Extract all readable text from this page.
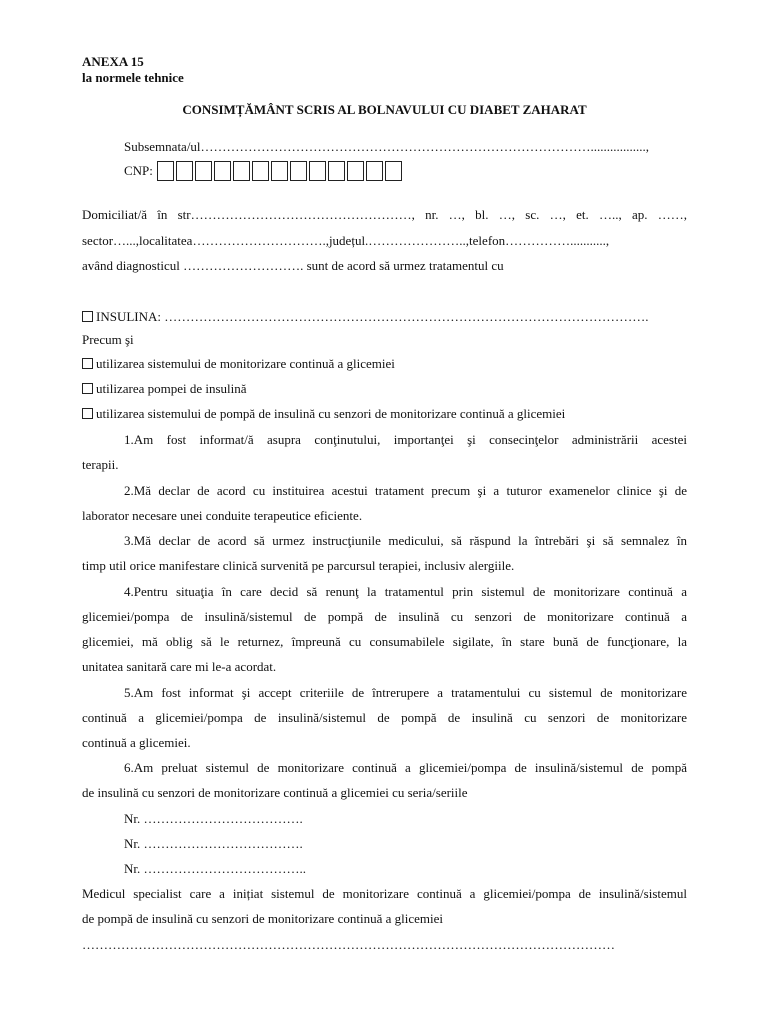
ANEXA 15
la normele tehnice
CONSIMȚĂMÂNT SCRIS AL BOLNAVULUI CU DIABET ZAHARAT
Subsemnata/ul……………………………………………………………………………….................,
CNP:
Domiciliat/ă în str……………………………………………, nr. …, bl. …, sc. …, et. ….., ap. ……,
sector…...,localitatea………………………….,județul.…………………..,telefon……………...........,
având diagnosticul ………………………. sunt de acord să urmez tratamentul cu
INSULINA: ………………………………………………………………………………………………….
Precum şi
utilizarea sistemului de monitorizare continuă a glicemiei
utilizarea pompei de insulină
utilizarea sistemului de pompă de insulină cu senzori de monitorizare continuă a glicemiei
1.Am fost informat/ă asupra conţinutului, importanţei şi consecinţelor administrării acestei
terapii.
2.Mă declar de acord cu instituirea acestui tratament precum şi a tuturor examenelor clinice şi de
laborator necesare unei conduite terapeutice eficiente.
3.Mă declar de acord să urmez instrucţiunile medicului, să răspund la întrebări şi să semnalez în
timp util orice manifestare clinică survenită pe parcursul terapiei, inclusiv alergiile.
4.Pentru situaţia în care decid să renunţ la tratamentul prin sistemul de monitorizare continuă a
glicemiei/pompa de insulină/sistemul de pompă de insulină cu senzori de monitorizare continuă a
glicemiei, mă oblig să le returnez, împreună cu consumabilele sigilate, în stare bună de funcţionare, la
unitatea sanitară care mi le-a acordat.
5.Am fost informat şi accept criteriile de întrerupere a tratamentului cu sistemul de monitorizare
continuă a glicemiei/pompa de insulină/sistemul de pompă de insulină cu senzori de monitorizare
continuă a glicemiei.
6.Am preluat sistemul de monitorizare continuă a glicemiei/pompa de insulină/sistemul de pompă
de insulină cu senzori de monitorizare continuă a glicemiei cu seria/seriile
Nr. ……………………………….
Nr. ……………………………….
Nr. ………………………………..
Medicul specialist care a inițiat sistemul de monitorizare continuă a glicemiei/pompa de insulină/sistemul
de pompă de insulină cu senzori de monitorizare continuă a glicemiei
……………………………………………………………………………………………………………
